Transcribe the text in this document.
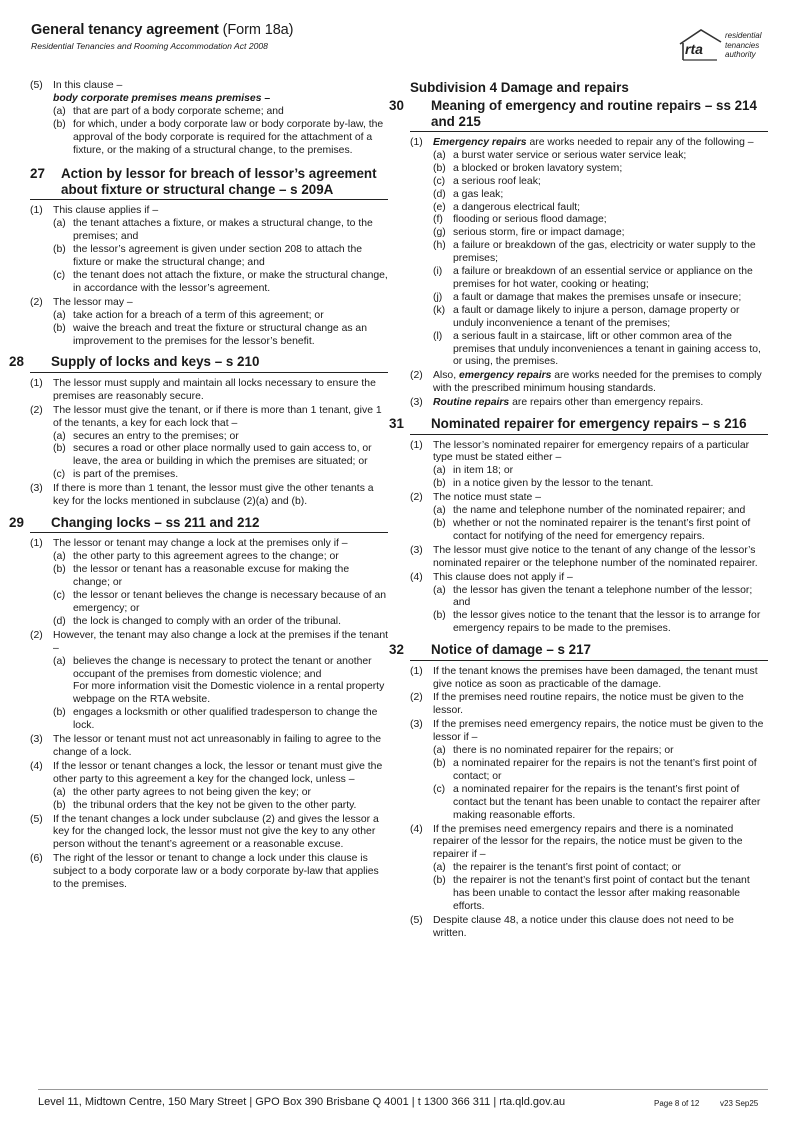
General tenancy agreement (Form 18a)
Residential Tenancies and Rooming Accommodation Act 2008	rta
residential
tenancies
authority
(5) In this clause –
body corporate premises means premises –
(a) that are part of a body corporate scheme; and
(b) for which, under a body corporate law or body corporate by-law, the approval of the body corporate is required for the attachment of a fixture, or the making of a structural change, to the premises.
27 Action by lessor for breach of lessor’s agreement about fixture or structural change – s 209A
(1) This clause applies if –
(a) the tenant attaches a fixture, or makes a structural change, to the premises; and
(b) the lessor’s agreement is given under section 208 to attach the fixture or make the structural change; and
(c) the tenant does not attach the fixture, or make the structural change, in accordance with the lessor’s agreement.
(2) The lessor may –
(a) take action for a breach of a term of this agreement; or
(b) waive the breach and treat the fixture or structural change as an improvement to the premises for the lessor’s benefit.
28 Supply of locks and keys – s 210
(1) The lessor must supply and maintain all locks necessary to ensure the premises are reasonably secure.
(2) The lessor must give the tenant, or if there is more than 1 tenant, give 1 of the tenants, a key for each lock that –
(a) secures an entry to the premises; or
(b) secures a road or other place normally used to gain access to, or leave, the area or building in which the premises are situated; or
(c) is part of the premises.
(3) If there is more than 1 tenant, the lessor must give the other tenants a key for the locks mentioned in subclause (2)(a) and (b).
29 Changing locks – ss 211 and 212
(1) The lessor or tenant may change a lock at the premises only if –
(a) the other party to this agreement agrees to the change; or
(b) the lessor or tenant has a reasonable excuse for making the change; or
(c) the lessor or tenant believes the change is necessary because of an emergency; or
(d) the lock is changed to comply with an order of the tribunal.
(2) However, the tenant may also change a lock at the premises if the tenant –
(a) believes the change is necessary to protect the tenant or another occupant of the premises from domestic violence; and
For more information visit the Domestic violence in a rental property webpage on the RTA website.
(b) engages a locksmith or other qualified tradesperson to change the lock.
(3) The lessor or tenant must not act unreasonably in failing to agree to the change of a lock.
(4) If the lessor or tenant changes a lock, the lessor or tenant must give the other party to this agreement a key for the changed lock, unless –
(a) the other party agrees to not being given the key; or
(b) the tribunal orders that the key not be given to the other party.
(5) If the tenant changes a lock under subclause (2) and gives the lessor a key for the changed lock, the lessor must not give the key to any other person without the tenant’s agreement or a reasonable excuse.
(6) The right of the lessor or tenant to change a lock under this clause is subject to a body corporate law or a body corporate by-law that applies to the premises.
Subdivision 4 Damage and repairs
30 Meaning of emergency and routine repairs – ss 214 and 215
(1) Emergency repairs are works needed to repair any of the following –
(a) a burst water service or serious water service leak;
(b) a blocked or broken lavatory system;
(c) a serious roof leak;
(d) a gas leak;
(e) a dangerous electrical fault;
(f) flooding or serious flood damage;
(g) serious storm, fire or impact damage;
(h) a failure or breakdown of the gas, electricity or water supply to the premises;
(i)	a failure or breakdown of an essential service or appliance on the premises for hot water, cooking or heating;
(j)	a fault or damage that makes the premises unsafe or insecure;
(k) a fault or damage likely to injure a person, damage property or unduly inconvenience a tenant of the premises;
(l)	a serious fault in a staircase, lift or other common area of the premises that unduly inconveniences a tenant in gaining access to, or using, the premises.
(2) Also, emergency repairs are works needed for the premises to comply with the prescribed minimum housing standards.
(3) Routine repairs are repairs other than emergency repairs.
31 Nominated repairer for emergency repairs – s 216
(1) The lessor’s nominated repairer for emergency repairs of a particular type must be stated either –
(a) in item 18; or
(b) in a notice given by the lessor to the tenant.
(2) The notice must state –
(a) the name and telephone number of the nominated repairer; and
(b) whether or not the nominated repairer is the tenant’s first point of contact for notifying of the need for emergency repairs.
(3) The lessor must give notice to the tenant of any change of the lessor’s nominated repairer or the telephone number of the nominated repairer.
(4) This clause does not apply if –
(a) the lessor has given the tenant a telephone number of the lessor; and
(b) the lessor gives notice to the tenant that the lessor is to arrange for emergency repairs to be made to the premises.
32 Notice of damage – s 217
(1) If the tenant knows the premises have been damaged, the tenant must give notice as soon as practicable of the damage.
(2) If the premises need routine repairs, the notice must be given to the lessor.
(3) If the premises need emergency repairs, the notice must be given to the lessor if –
(a) there is no nominated repairer for the repairs; or
(b) a nominated repairer for the repairs is not the tenant’s first point of contact; or
(c) a nominated repairer for the repairs is the tenant’s first point of contact but the tenant has been unable to contact the repairer after making reasonable efforts.
(4) If the premises need emergency repairs and there is a nominated repairer of the lessor for the repairs, the notice must be given to the repairer if –
(a) the repairer is the tenant’s first point of contact; or
(b) the repairer is not the tenant’s first point of contact but the tenant has been unable to contact the lessor after making reasonable efforts.
(5) Despite clause 48, a notice under this clause does not need to be written.
Level 11, Midtown Centre, 150 Mary Street | GPO Box 390 Brisbane Q 4001 | t 1300 366 311 | rta.qld.gov.au	Page 8 of 12	v23 Sep25
